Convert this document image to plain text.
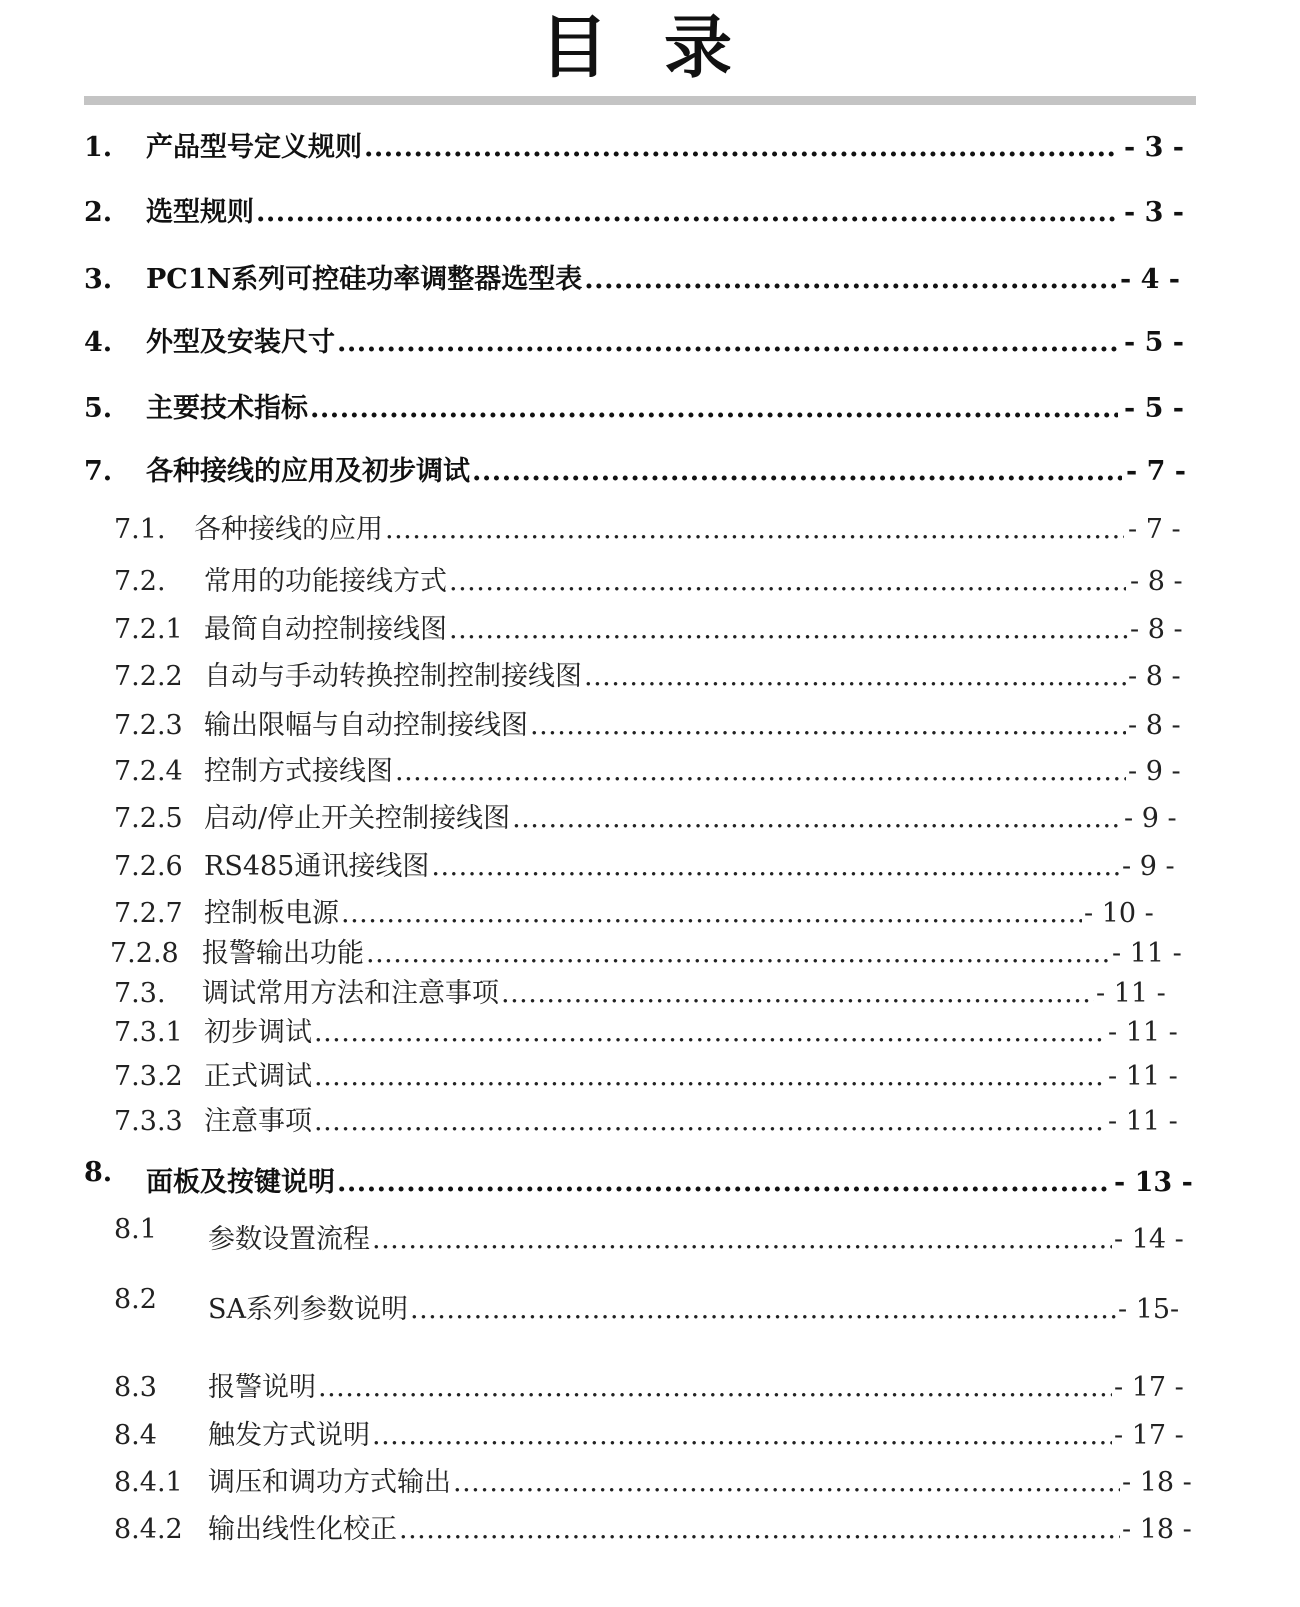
目 录
1. 产品型号定义规则 .....	- 3 -
2. 选型规则 .....	- 3 -
3. PC1N系列可控硅功率调整器选型表 .....	- 4 -
4. 外型及安装尺寸 .....	- 5 -
5. 主要技术指标 .....	- 5 -
7. 各种接线的应用及初步调试 .....	- 7 -
7.1. 各种接线的应用 .....	- 7 -
7.2. 常用的功能接线方式 .....	- 8 -
7.2.1 最简自动控制接线图 .....	- 8 -
7.2.2 自动与手动转换控制控制接线图 .....	- 8 -
7.2.3 输出限幅与自动控制接线图 .....	- 8 -
7.2.4 控制方式接线图 .....	- 9 -
7.2.5 启动/停止开关控制接线图 .....	- 9 -
7.2.6 RS485通讯接线图 .....	- 9 -
7.2.7 控制板电源 .....	- 10 -
7.2.8 报警输出功能 .....	- 11 -
7.3. 调试常用方法和注意事项 .....	- 11 -
7.3.1 初步调试 .....	- 11 -
7.3.2 正式调试 .....	- 11 -
7.3.3 注意事项 .....	- 11 -
8. 面板及按键说明 .....	- 13 -
8.1 参数设置流程 .....	- 14 -
8.2 SA系列参数说明 .....	- 15-
8.3 报警说明 .....	- 17 -
8.4 触发方式说明 .....	- 17 -
8.4.1 调压和调功方式输出 .....	- 18 -
8.4.2 输出线性化校正 .....	- 18 -
